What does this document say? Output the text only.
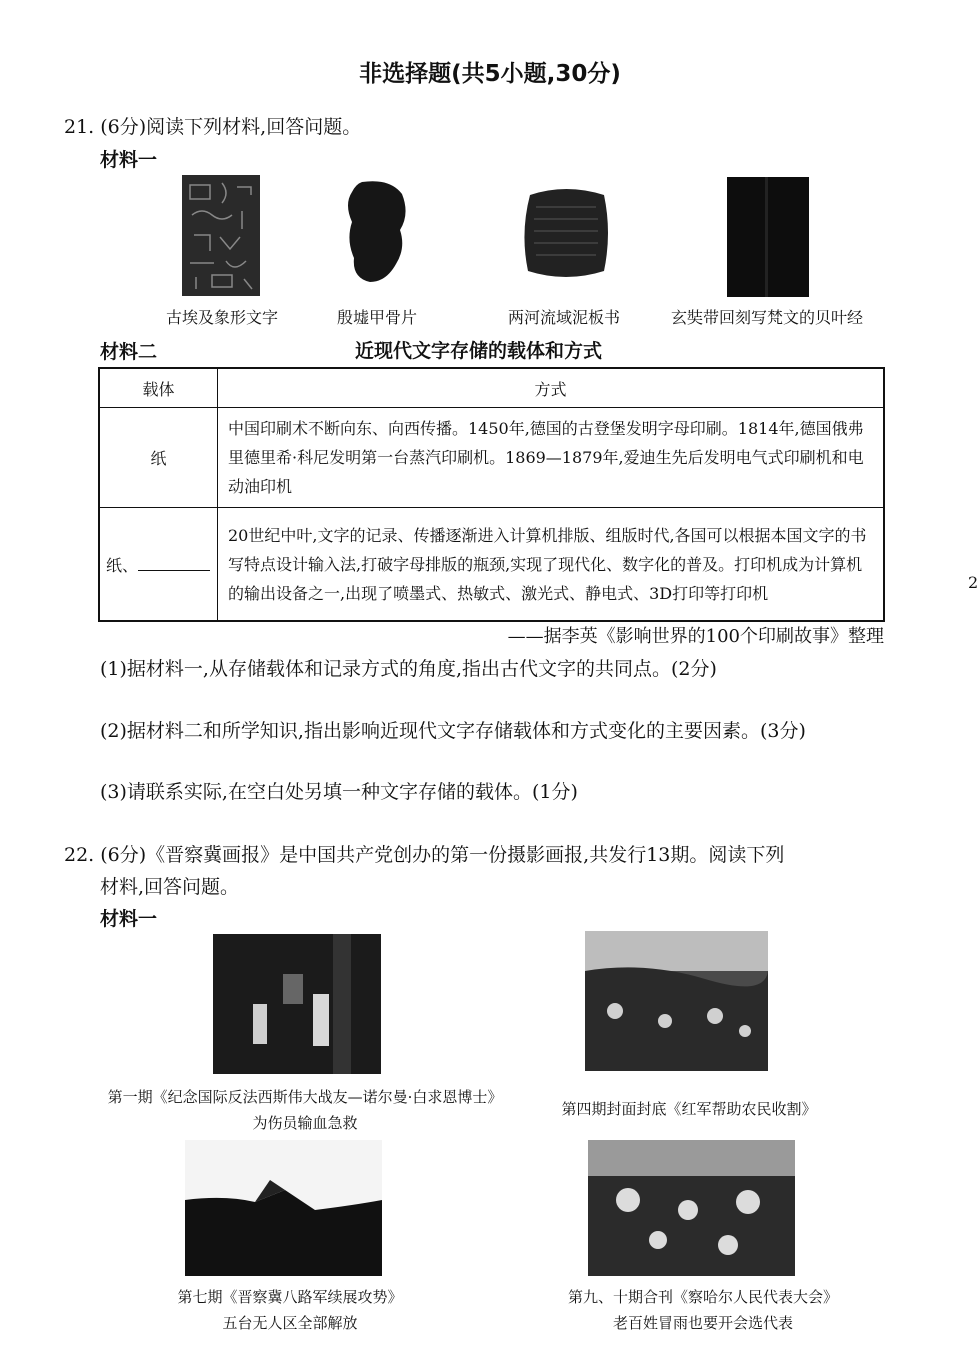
非选择题(共5小题,30分)
21. (6分)阅读下列材料,回答问题。
材料一
古埃及象形文字	殷墟甲骨片	两河流域泥板书	玄奘带回刻写梵文的贝叶经
材料二	近现代文字存储的载体和方式
载体	方式
纸	中国印刷术不断向东、向西传播。1450年,德国的古登堡发明字母印刷。1814年,德国俄弗里德里希·科尼发明第一台蒸汽印刷机。1869—1879年,爱迪生先后发明电气式印刷机和电动油印机
纸、	20世纪中叶,文字的记录、传播逐渐进入计算机排版、组版时代,各国可以根据本国文字的书写特点设计输入法,打破字母排版的瓶颈,实现了现代化、数字化的普及。打印机成为计算机的输出设备之一,出现了喷墨式、热敏式、激光式、静电式、3D打印等打印机
——据李英《影响世界的100个印刷故事》整理
(1)据材料一,从存储载体和记录方式的角度,指出古代文字的共同点。(2分)
(2)据材料二和所学知识,指出影响近现代文字存储载体和方式变化的主要因素。(3分)
(3)请联系实际,在空白处另填一种文字存储的载体。(1分)
22. (6分)《晋察冀画报》是中国共产党创办的第一份摄影画报,共发行13期。阅读下列
材料,回答问题。
材料一
第一期《纪念国际反法西斯伟大战友—诺尔曼·白求恩博士》
为伤员输血急救
第四期封面封底《红军帮助农民收割》
第七期《晋察冀八路军续展攻势》
五台无人区全部解放
第九、十期合刊《察哈尔人民代表大会》
老百姓冒雨也要开会选代表
2
